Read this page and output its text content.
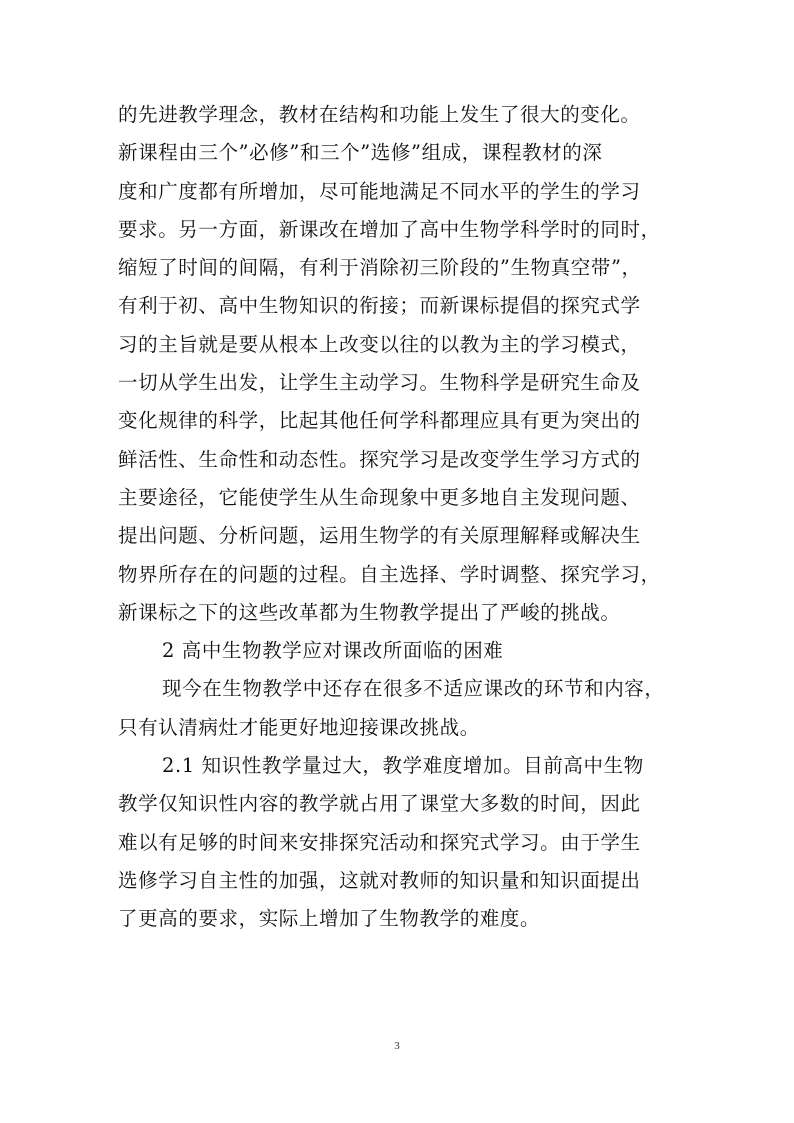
的先进教学理念，教材在结构和功能上发生了很大的变化。
新课程由三个”必修”和三个”选修”组成，课程教材的深
度和广度都有所增加，尽可能地满足不同水平的学生的学习
要求。另一方面，新课改在增加了高中生物学科学时的同时，
缩短了时间的间隔，有利于消除初三阶段的”生物真空带”，
有利于初、高中生物知识的衔接；而新课标提倡的探究式学
习的主旨就是要从根本上改变以往的以教为主的学习模式，
一切从学生出发，让学生主动学习。生物科学是研究生命及
变化规律的科学，比起其他任何学科都理应具有更为突出的
鲜活性、生命性和动态性。探究学习是改变学生学习方式的
主要途径，它能使学生从生命现象中更多地自主发现问题、
提出问题、分析问题，运用生物学的有关原理解释或解决生
物界所存在的问题的过程。自主选择、学时调整、探究学习，
新课标之下的这些改革都为生物教学提出了严峻的挑战。
2 高中生物教学应对课改所面临的困难
现今在生物教学中还存在很多不适应课改的环节和内容，
只有认清病灶才能更好地迎接课改挑战。
2.1 知识性教学量过大，教学难度增加。目前高中生物
教学仅知识性内容的教学就占用了课堂大多数的时间，因此
难以有足够的时间来安排探究活动和探究式学习。由于学生
选修学习自主性的加强，这就对教师的知识量和知识面提出
了更高的要求，实际上增加了生物教学的难度。
3
